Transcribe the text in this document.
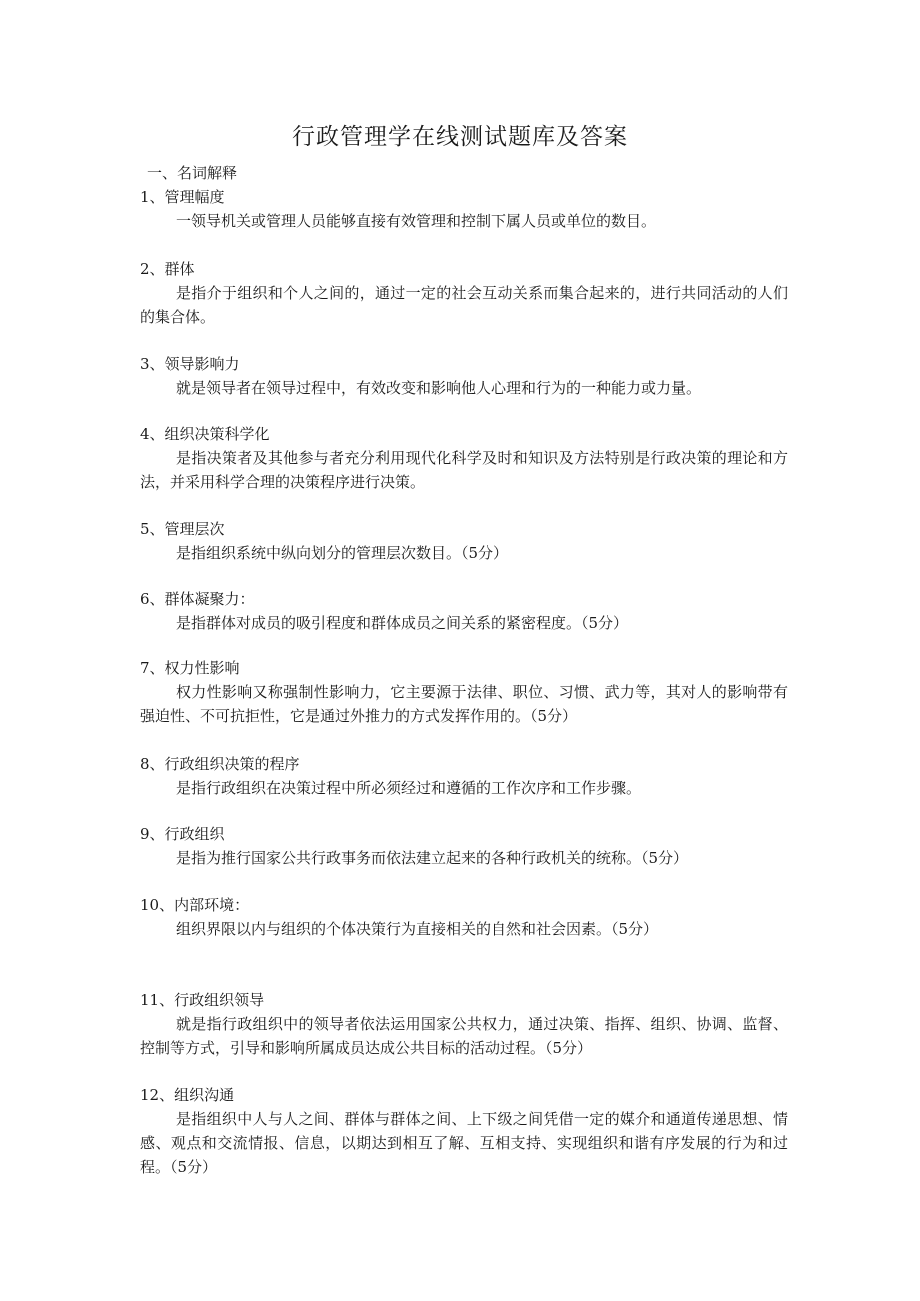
行政管理学在线测试题库及答案
一、名词解释
1、管理幅度
一领导机关或管理人员能够直接有效管理和控制下属人员或单位的数目。
2、群体
是指介于组织和个人之间的，通过一定的社会互动关系而集合起来的，进行共同活动的人们的集合体。
3、领导影响力
就是领导者在领导过程中，有效改变和影响他人心理和行为的一种能力或力量。
4、组织决策科学化
是指决策者及其他参与者充分利用现代化科学及时和知识及方法特别是行政决策的理论和方法，并采用科学合理的决策程序进行决策。
5、管理层次
是指组织系统中纵向划分的管理层次数目。（5分）
6、群体凝聚力：
是指群体对成员的吸引程度和群体成员之间关系的紧密程度。（5分）
7、权力性影响
权力性影响又称强制性影响力，它主要源于法律、职位、习惯、武力等，其对人的影响带有强迫性、不可抗拒性，它是通过外推力的方式发挥作用的。（5分）
8、行政组织决策的程序
是指行政组织在决策过程中所必须经过和遵循的工作次序和工作步骤。
9、行政组织
是指为推行国家公共行政事务而依法建立起来的各种行政机关的统称。（5分）
10、内部环境：
组织界限以内与组织的个体决策行为直接相关的自然和社会因素。（5分）
11、行政组织领导
就是指行政组织中的领导者依法运用国家公共权力，通过决策、指挥、组织、协调、监督、控制等方式，引导和影响所属成员达成公共目标的活动过程。（5分）
12、组织沟通
是指组织中人与人之间、群体与群体之间、上下级之间凭借一定的媒介和通道传递思想、情感、观点和交流情报、信息，以期达到相互了解、互相支持、实现组织和谐有序发展的行为和过程。（5分）
